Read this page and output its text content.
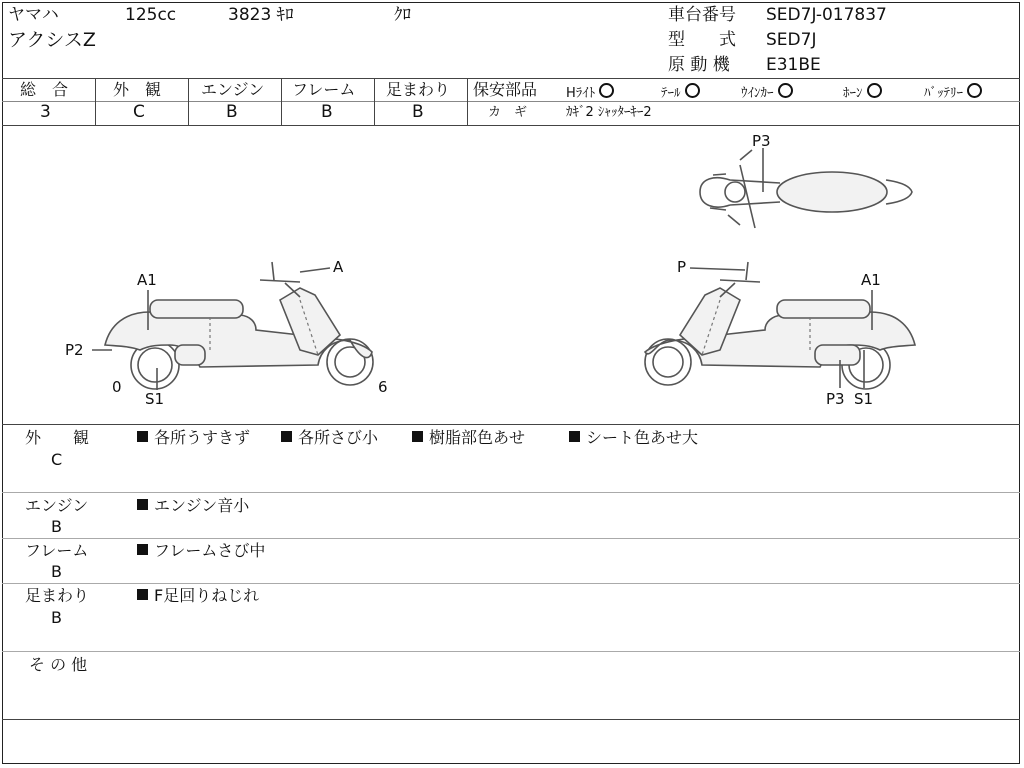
ヤマハ	125cc	3823 ｷﾛ	ｸﾛ
アクシスZ
車台番号 SED7J-017837
型　　式 SED7J
原 動 機 E31BE
総　合
3
外　観
C
エンジン
B
フレーム
B
足まわり
B
保安部品 Hﾗｲﾄ	ﾃｰﾙ	ｳｲﾝｶｰ	ﾎｰﾝ	ﾊﾞｯﾃﾘｰ
カ　ギ	ｶｷﾞ2 ｼｬｯﾀｰｷｰ2
A1
A
P2
0	6
S1
P3
P
A1
P3 S1
外　　観
C
各所うすきず	各所さび小	樹脂部色あせ	シート色あせ大
エンジン
B
エンジン音小
フレーム
B
フレームさび中
足まわり
B
F足回りねじれ
そ の 他
